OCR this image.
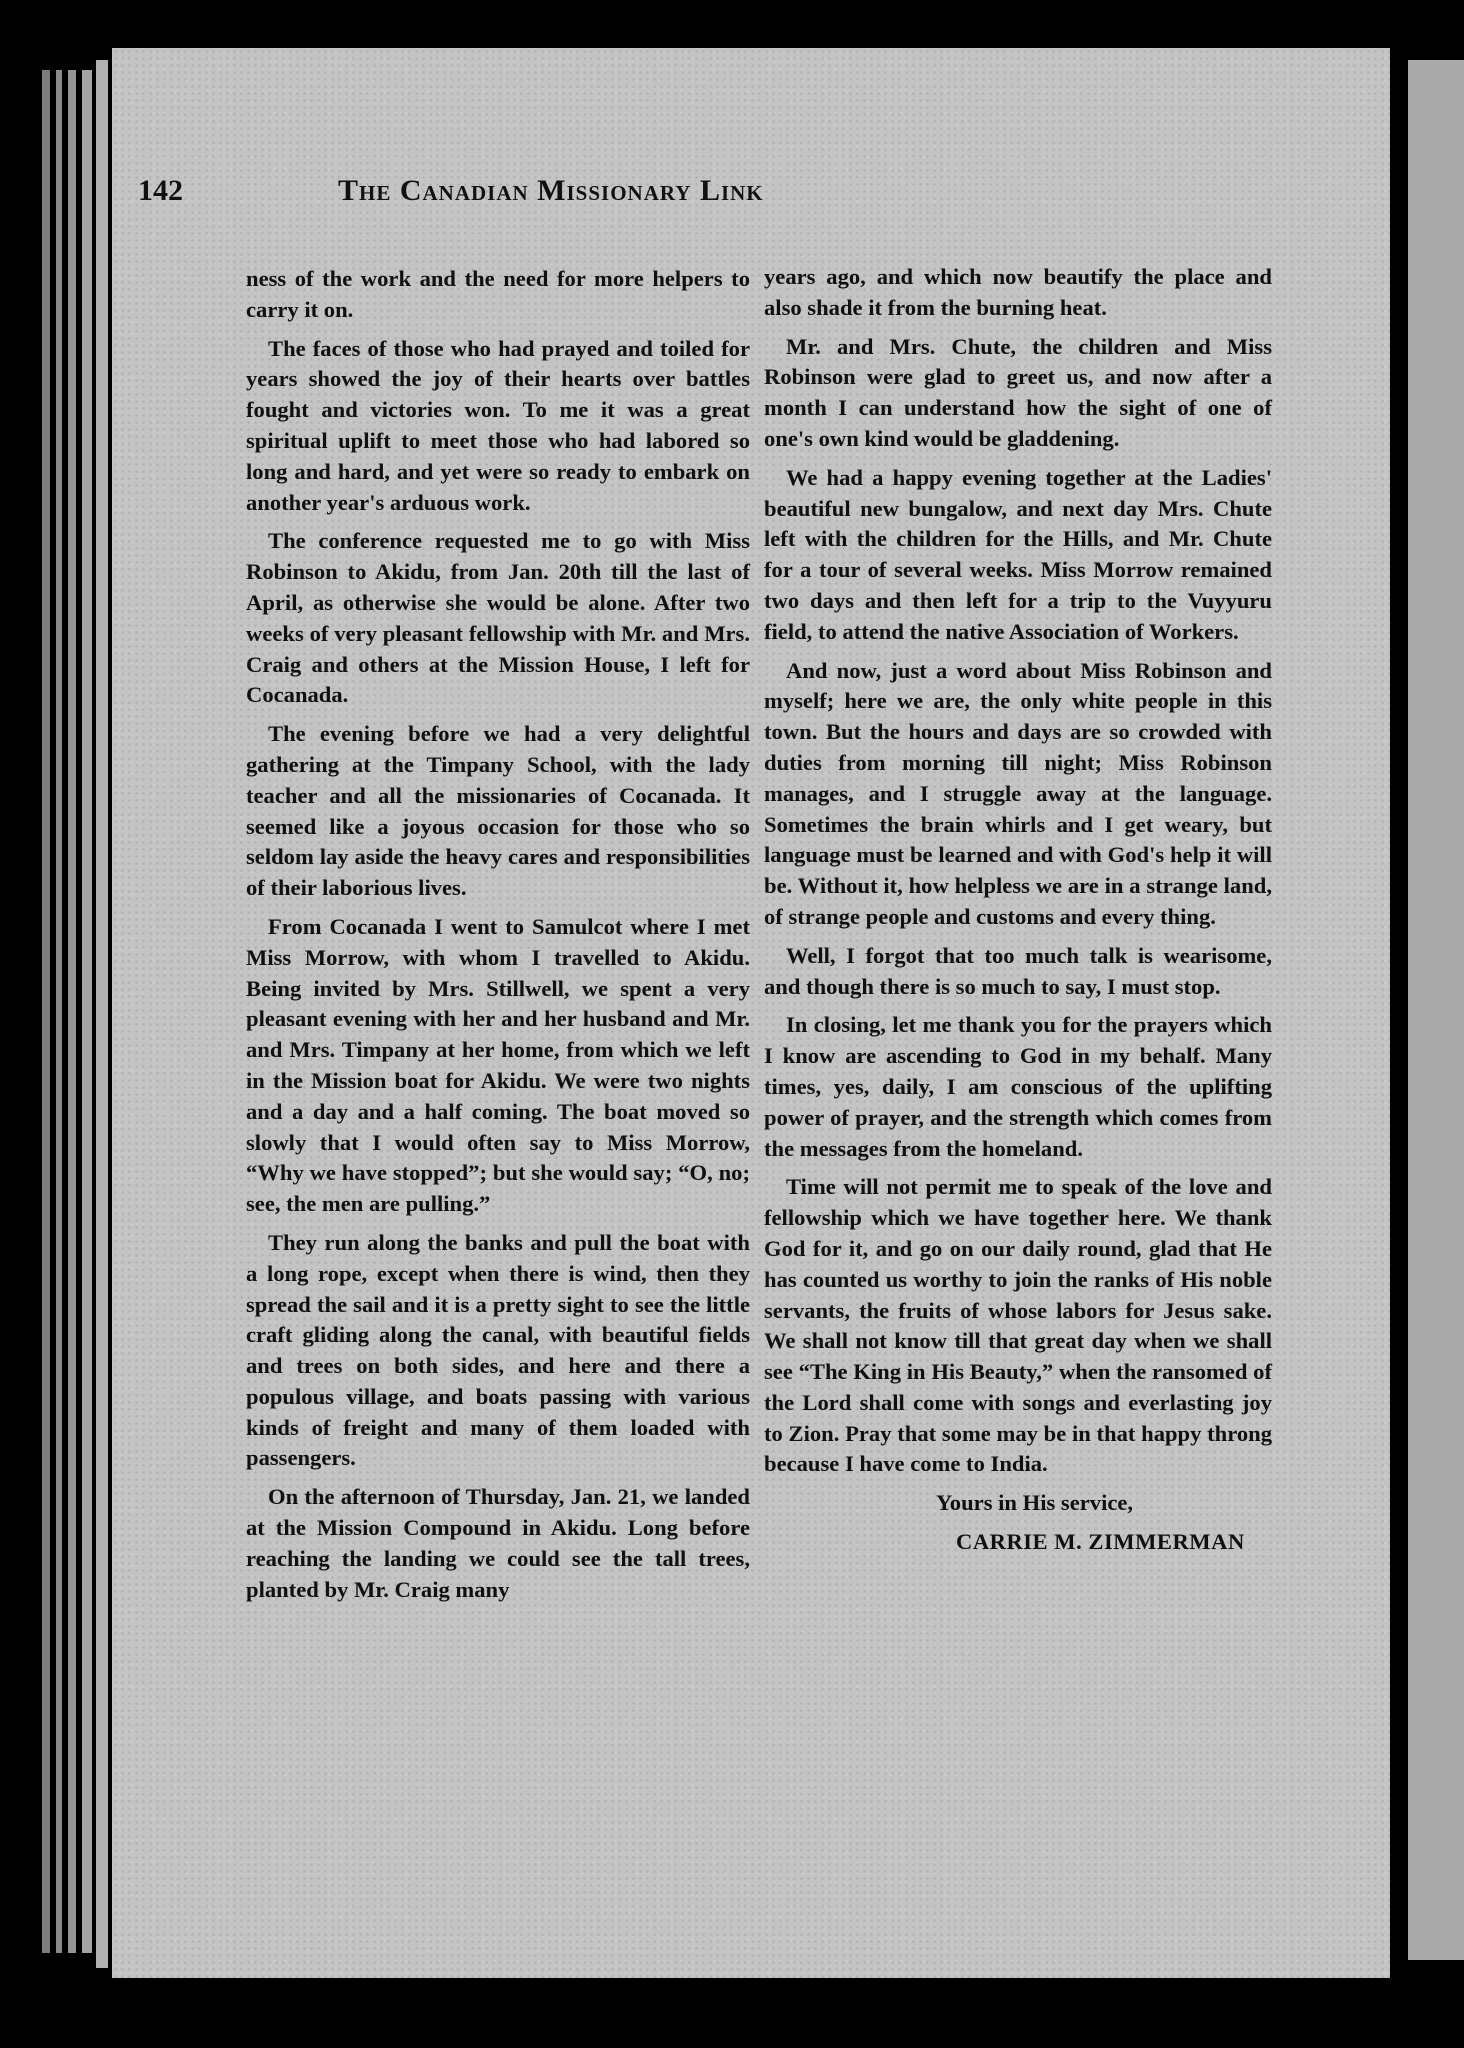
142	The Canadian Missionary Link

ness of the work and the need for more helpers to carry it on.

The faces of those who had prayed and toiled for years showed the joy of their hearts over battles fought and victories won. To me it was a great spiritual uplift to meet those who had labored so long and hard, and yet were so ready to embark on another year's arduous work.

The conference requested me to go with Miss Robinson to Akidu, from Jan. 20th till the last of April, as otherwise she would be alone. After two weeks of very pleasant fellowship with Mr. and Mrs. Craig and others at the Mission House, I left for Cocanada.

The evening before we had a very delightful gathering at the Timpany School, with the lady teacher and all the missionaries of Cocanada. It seemed like a joyous occasion for those who so seldom lay aside the heavy cares and responsibilities of their laborious lives.

From Cocanada I went to Samulcot where I met Miss Morrow, with whom I travelled to Akidu. Being invited by Mrs. Stillwell, we spent a very pleasant evening with her and her husband and Mr. and Mrs. Timpany at her home, from which we left in the Mission boat for Akidu. We were two nights and a day and a half coming. The boat moved so slowly that I would often say to Miss Morrow, “Why we have stopped”; but she would say; “O, no; see, the men are pulling.”

They run along the banks and pull the boat with a long rope, except when there is wind, then they spread the sail and it is a pretty sight to see the little craft gliding along the canal, with beautiful fields and trees on both sides, and here and there a populous village, and boats passing with various kinds of freight and many of them loaded with passengers.

On the afternoon of Thursday, Jan. 21, we landed at the Mission Compound in Akidu. Long before reaching the landing we could see the tall trees, planted by Mr. Craig many

years ago, and which now beautify the place and also shade it from the burning heat.

Mr. and Mrs. Chute, the children and Miss Robinson were glad to greet us, and now after a month I can understand how the sight of one of one's own kind would be gladdening.

We had a happy evening together at the Ladies' beautiful new bungalow, and next day Mrs. Chute left with the children for the Hills, and Mr. Chute for a tour of several weeks. Miss Morrow remained two days and then left for a trip to the Vuyyuru field, to attend the native Association of Workers.

And now, just a word about Miss Robinson and myself; here we are, the only white people in this town. But the hours and days are so crowded with duties from morning till night; Miss Robinson manages, and I struggle away at the language. Sometimes the brain whirls and I get weary, but language must be learned and with God's help it will be. Without it, how helpless we are in a strange land, of strange people and customs and every thing.

Well, I forgot that too much talk is wearisome, and though there is so much to say, I must stop.

In closing, let me thank you for the prayers which I know are ascending to God in my behalf. Many times, yes, daily, I am conscious of the uplifting power of prayer, and the strength which comes from the messages from the homeland.

Time will not permit me to speak of the love and fellowship which we have together here. We thank God for it, and go on our daily round, glad that He has counted us worthy to join the ranks of His noble servants, the fruits of whose labors for Jesus sake. We shall not know till that great day when we shall see “The King in His Beauty,” when the ransomed of the Lord shall come with songs and everlasting joy to Zion. Pray that some may be in that happy throng because I have come to India.

Yours in His service,

CARRIE M. ZIMMERMAN
